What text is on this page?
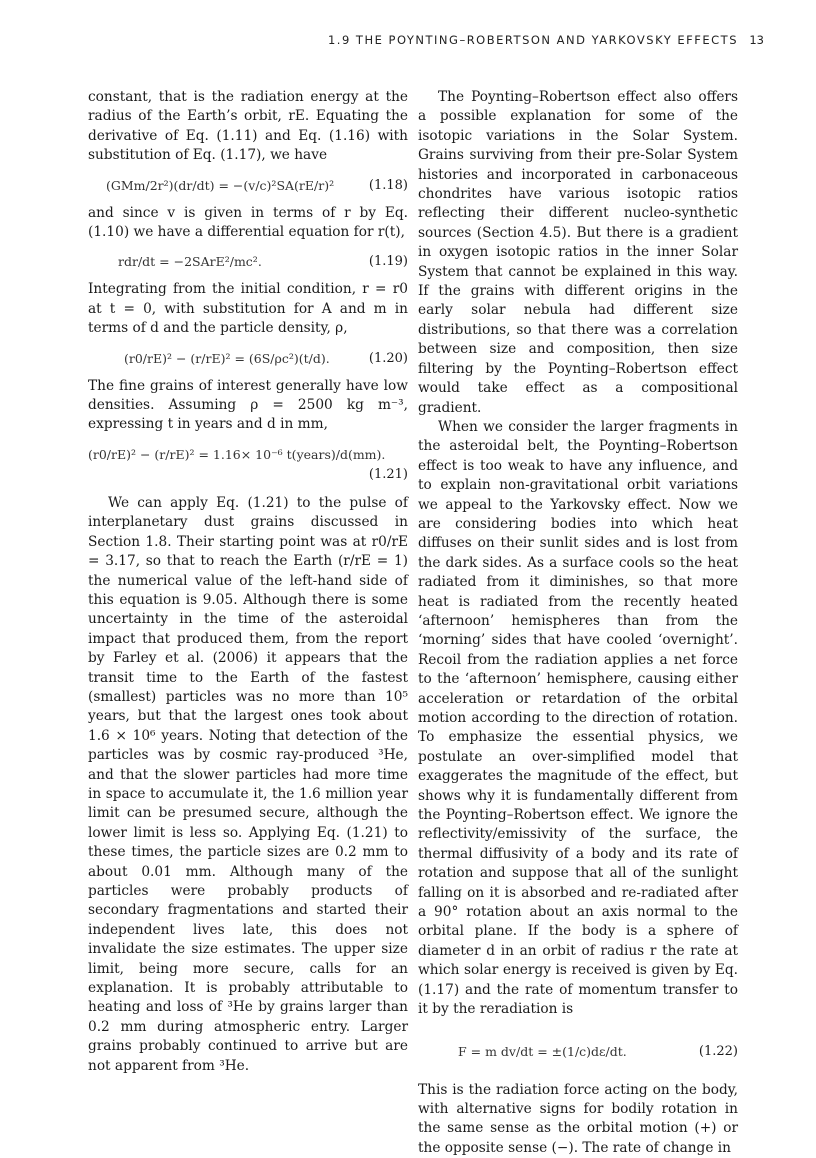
1.9 THE POYNTING–ROBERTSON AND YARKOVSKY EFFECTS 13

constant, that is the radiation energy at the radius of the Earth’s orbit, rE. Equating the derivative of Eq. (1.11) and Eq. (1.16) with substitution of Eq. (1.17), we have

(GMm/2r²)(dr/dt) = −(v/c)²SA(rE/r)²	(1.18)

and since v is given in terms of r by Eq. (1.10) we have a differential equation for r(t),

rdr/dt = −2SArE²/mc².	(1.19)

Integrating from the initial condition, r = r0 at t = 0, with substitution for A and m in terms of d and the particle density, ρ,

(r0/rE)² − (r/rE)² = (6S/ρc²)(t/d).	(1.20)

The fine grains of interest generally have low densities. Assuming ρ = 2500 kg m⁻³, expressing t in years and d in mm,

(r0/rE)² − (r/rE)² = 1.16× 10⁻⁶ t(years)/d(mm).
(1.21)

We can apply Eq. (1.21) to the pulse of interplanetary dust grains discussed in Section 1.8. Their starting point was at r0/rE = 3.17, so that to reach the Earth (r/rE = 1) the numerical value of the left-hand side of this equation is 9.05. Although there is some uncertainty in the time of the asteroidal impact that produced them, from the report by Farley et al. (2006) it appears that the transit time to the Earth of the fastest (smallest) particles was no more than 10⁵ years, but that the largest ones took about 1.6 × 10⁶ years. Noting that detection of the particles was by cosmic ray-produced ³He, and that the slower particles had more time in space to accumulate it, the 1.6 million year limit can be presumed secure, although the lower limit is less so. Applying Eq. (1.21) to these times, the particle sizes are 0.2 mm to about 0.01 mm. Although many of the particles were probably products of secondary fragmentations and started their independent lives late, this does not invalidate the size estimates. The upper size limit, being more secure, calls for an explanation. It is probably attributable to heating and loss of ³He by grains larger than 0.2 mm during atmospheric entry. Larger grains probably continued to arrive but are not apparent from ³He.

The Poynting–Robertson effect also offers a possible explanation for some of the isotopic variations in the Solar System. Grains surviving from their pre-Solar System histories and incorporated in carbonaceous chondrites have various isotopic ratios reflecting their different nucleo-synthetic sources (Section 4.5). But there is a gradient in oxygen isotopic ratios in the inner Solar System that cannot be explained in this way. If the grains with different origins in the early solar nebula had different size distributions, so that there was a correlation between size and composition, then size filtering by the Poynting–Robertson effect would take effect as a compositional gradient.

When we consider the larger fragments in the asteroidal belt, the Poynting–Robertson effect is too weak to have any influence, and to explain non-gravitational orbit variations we appeal to the Yarkovsky effect. Now we are considering bodies into which heat diffuses on their sunlit sides and is lost from the dark sides. As a surface cools so the heat radiated from it diminishes, so that more heat is radiated from the recently heated ‘afternoon’ hemispheres than from the ‘morning’ sides that have cooled ‘overnight’. Recoil from the radiation applies a net force to the ‘afternoon’ hemisphere, causing either acceleration or retardation of the orbital motion according to the direction of rotation. To emphasize the essential physics, we postulate an over-simplified model that exaggerates the magnitude of the effect, but shows why it is fundamentally different from the Poynting–Robertson effect. We ignore the reflectivity/emissivity of the surface, the thermal diffusivity of a body and its rate of rotation and suppose that all of the sunlight falling on it is absorbed and re-radiated after a 90° rotation about an axis normal to the orbital plane. If the body is a sphere of diameter d in an orbit of radius r the rate at which solar energy is received is given by Eq. (1.17) and the rate of momentum transfer to it by the reradiation is

F = m dv/dt = ±(1/c)dε/dt.	(1.22)

This is the radiation force acting on the body, with alternative signs for bodily rotation in the same sense as the orbital motion (+) or the opposite sense (−). The rate of change in
